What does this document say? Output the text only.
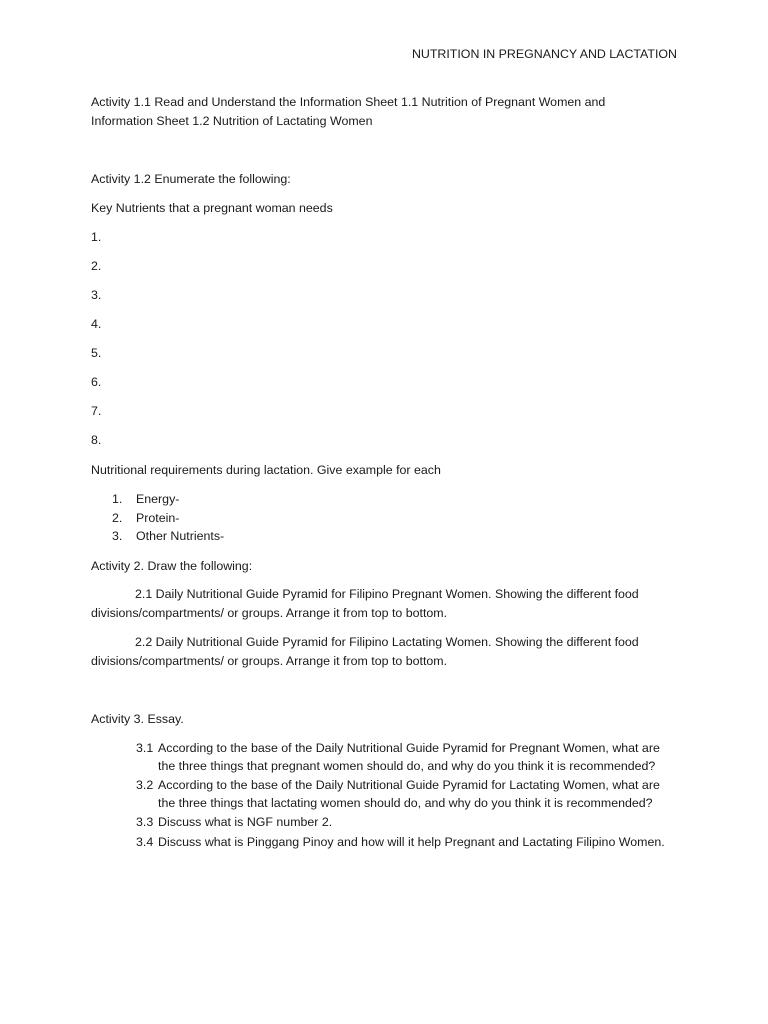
NUTRITION IN PREGNANCY AND LACTATION
Activity 1.1 Read and Understand the Information Sheet 1.1 Nutrition of Pregnant Women and
Information Sheet 1.2 Nutrition of Lactating Women
Activity 1.2 Enumerate the following:
Key Nutrients that a pregnant woman needs
1.
2.
3.
4.
5.
6.
7.
8.
Nutritional requirements during lactation. Give example for each
1. Energy-
2. Protein-
3. Other Nutrients-
Activity 2. Draw the following:
2.1 Daily Nutritional Guide Pyramid for Filipino Pregnant Women. Showing the different food
divisions/compartments/ or groups. Arrange it from top to bottom.
2.2 Daily Nutritional Guide Pyramid for Filipino Lactating Women. Showing the different food
divisions/compartments/ or groups. Arrange it from top to bottom.
Activity 3. Essay.
3.1 According to the base of the Daily Nutritional Guide Pyramid for Pregnant Women, what are
the three things that pregnant women should do, and why do you think it is recommended?
3.2 According to the base of the Daily Nutritional Guide Pyramid for Lactating Women, what are
the three things that lactating women should do, and why do you think it is recommended?
3.3 Discuss what is NGF number 2.
3.4 Discuss what is Pinggang Pinoy and how will it help Pregnant and Lactating Filipino Women.
